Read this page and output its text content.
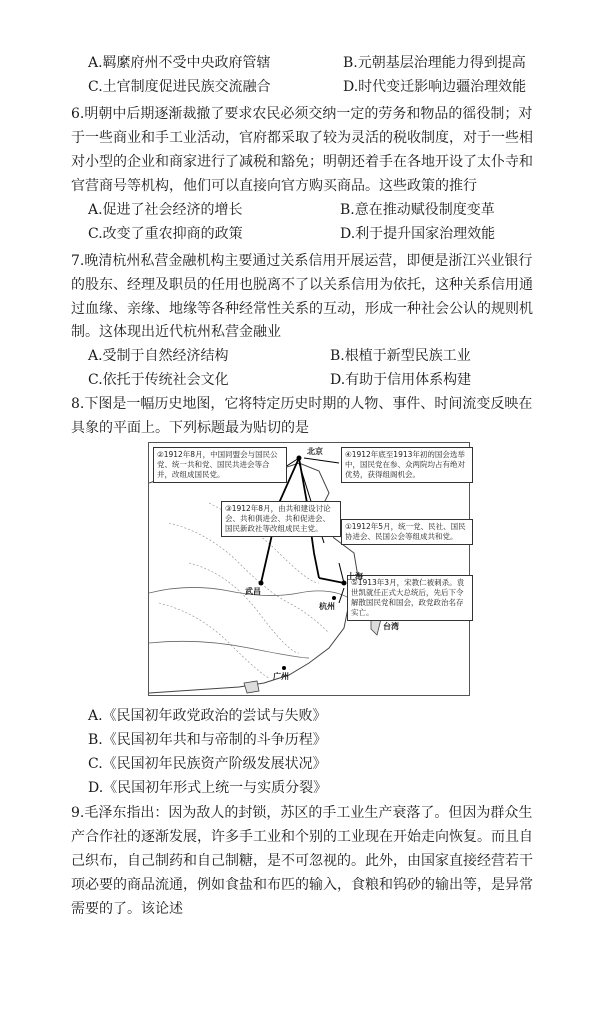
A.羁縻府州不受中央政府管辖	B.元朝基层治理能力得到提高
C.土官制度促进民族交流融合	D.时代变迁影响边疆治理效能
6.明朝中后期逐渐裁撤了要求农民必须交纳一定的劳务和物品的徭役制；对
于一些商业和手工业活动，官府都采取了较为灵活的税收制度，对于一些相
对小型的企业和商家进行了减税和豁免；明朝还着手在各地开设了太仆寺和
官营商号等机构，他们可以直接向官方购买商品。这些政策的推行
A.促进了社会经济的增长	B.意在推动赋役制度变革
C.改变了重农抑商的政策	D.利于提升国家治理效能
7.晚清杭州私营金融机构主要通过关系信用开展运营，即便是浙江兴业银行
的股东、经理及职员的任用也脱离不了以关系信用为依托，这种关系信用通
过血缘、亲缘、地缘等各种经常性关系的互动，形成一种社会公认的规则机
制。这体现出近代杭州私营金融业
A.受制于自然经济结构	B.根植于新型民族工业
C.依托于传统社会文化	D.有助于信用体系构建
8.下图是一幅历史地图，它将特定历史时期的人物、事件、时间流变反映在
具象的平面上。下列标题最为贴切的是
②1912年8月，中国同盟会与国民公党、统一共和党、国民共进会等合并，改组成国民党。
④1912年底至1913年初的国会选举中，国民党在参、众两院均占有绝对优势，获得组阁机会。
③1912年8月，由共和建设讨论会、共和俱进会、共和促进会、国民新政社等改组成民主党。	①1912年5月，统一党、民社、国民协进会、民国公会等组成共和党。
⑤1913年3月，宋教仁被刺杀。袁世凯就任正式大总统后，先后下令解散国民党和国会，政党政治名存实亡。
北京
上海
武昌
杭州
广州
台湾
A.《民国初年政党政治的尝试与失败》
B.《民国初年共和与帝制的斗争历程》
C.《民国初年民族资产阶级发展状况》
D.《民国初年形式上统一与实质分裂》
9.毛泽东指出：因为敌人的封锁，苏区的手工业生产衰落了。但因为群众生
产合作社的逐渐发展，许多手工业和个别的工业现在开始走向恢复。而且自
己织布，自己制药和自己制糖，是不可忽视的。此外，由国家直接经营若干
项必要的商品流通，例如食盐和布匹的输入，食粮和钨砂的输出等，是异常
需要的了。该论述
